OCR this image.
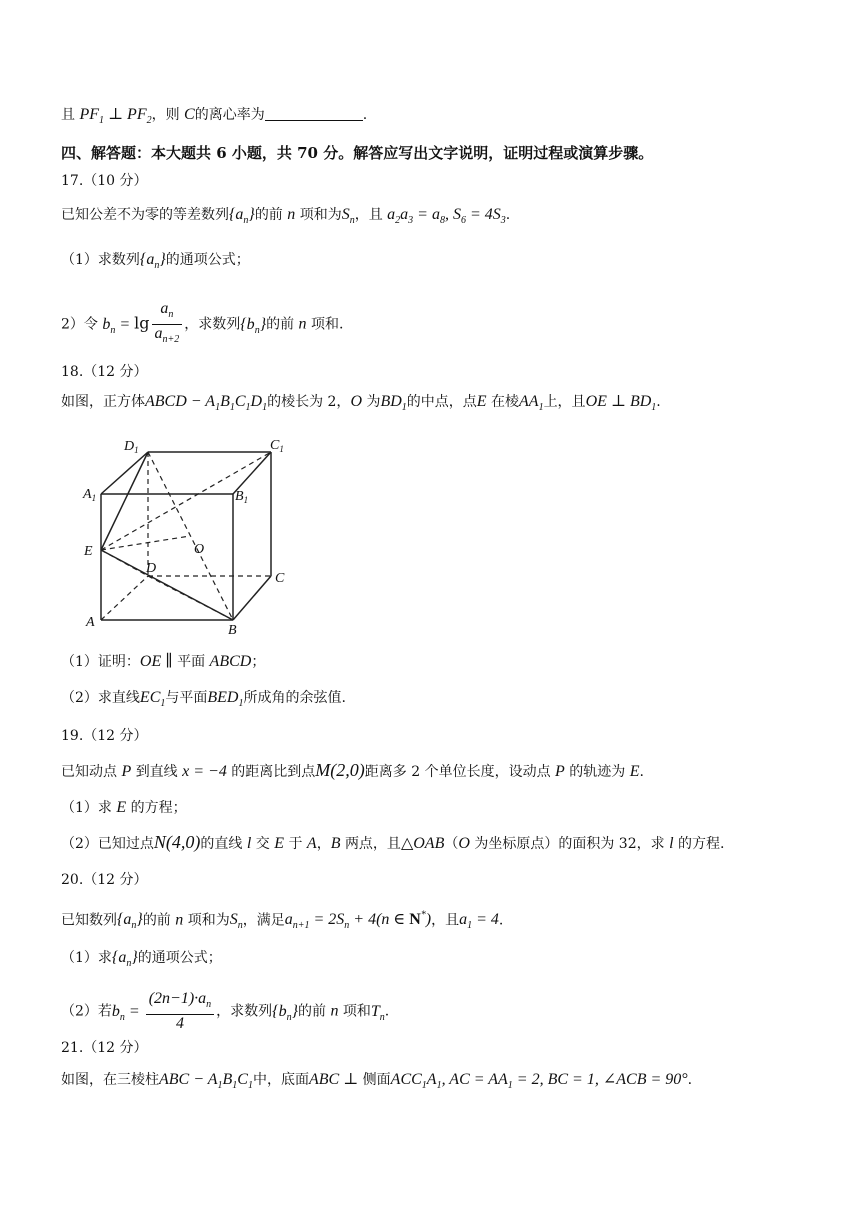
且 $PF_1$ ⊥ $PF_2$，则 C的离心率为	.
四、解答题：本大题共 6 小题，共 70 分。解答应写出文字说明，证明过程或演算步骤。
17.（10 分）
已知公差不为零的等差数列$\{a_n\}$的前 n 项和为$S_n$，且 $a_2a_3 = a_8$, $S_6 = 4S_3$.
（1）求数列$\{a_n\}$的通项公式；
2）令 $b_n = \lg \frac{a_n}{a_{n+2}}$ ，求数列$\{b_n\}$的前 n 项和.
18.（12 分）
如图，正方体ABCD − $A_1B_1C_1D_1$的棱长为 2，O 为$BD_1$的中点，点E 在棱$AA_1$上，且OE ⊥ $BD_1$.
$D_1$	$C_1$
$A_1$	$B_1$
E	O
D
C
A
B
（1）证明：OE ∥ 平面 ABCD；
（2）求直线$EC_1$与平面$BED_1$所成角的余弦值.
19.（12 分）
已知动点 P 到直线 x = −4 的距离比到点M(2,0)距离多 2 个单位长度，设动点 P 的轨迹为 E.
（1）求 E 的方程；
（2）已知过点N(4,0)的直线 l 交 E 于 A，B 两点，且△OAB（O 为坐标原点）的面积为 32，求 l 的方程.
20.（12 分）
已知数列$\{a_n\}$的前 n 项和为$S_n$，满足$a_{n+1} = 2S_n + 4(n$ ∈ N*)，且$a_1 = 4$.
（1）求$\{a_n\}$的通项公式；
（2）若$b_n = \frac{(2n-1)\cdot a_n}{4}$ ，求数列$\{b_n\}$的前 n 项和$T_n$.
21.（12 分）
如图，在三棱柱ABC − $A_1B_1C_1$中，底面ABC ⊥ 侧面$ACC_1A_1$, AC = $AA_1 = 2$, BC = 1, ∠ACB = 90°.
